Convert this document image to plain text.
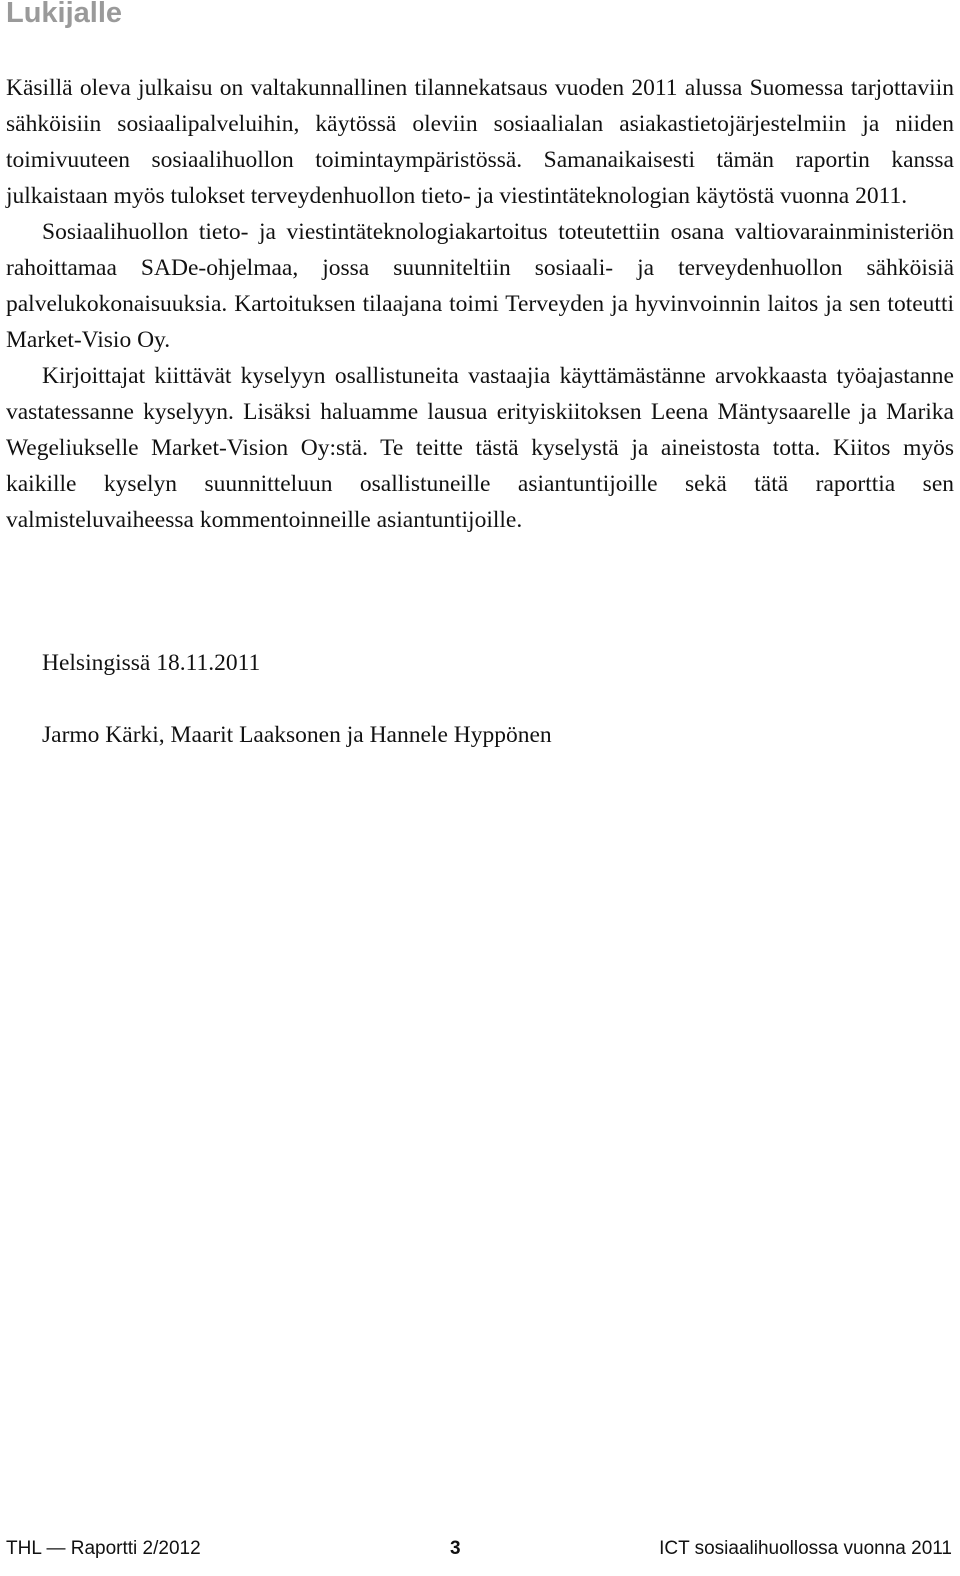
Lukijalle

Käsillä oleva julkaisu on valtakunnallinen tilannekatsaus vuoden 2011 alussa Suomessa tarjottaviin sähköisiin sosiaalipalveluihin, käytössä oleviin sosiaalialan asiakastietojärjestelmiin ja niiden toimivuuteen sosiaalihuollon toimintaympäristössä. Samanaikaisesti tämän raportin kanssa julkaistaan myös tulokset terveydenhuollon tieto- ja viestintäteknologian käytöstä vuonna 2011.

Sosiaalihuollon tieto- ja viestintäteknologiakartoitus toteutettiin osana valtiovarainministeriön rahoittamaa SADe-ohjelmaa, jossa suunniteltiin sosiaali- ja terveydenhuollon sähköisiä palvelukokonaisuuksia. Kartoituksen tilaajana toimi Terveyden ja hyvinvoinnin laitos ja sen toteutti Market-Visio Oy.

Kirjoittajat kiittävät kyselyyn osallistuneita vastaajia käyttämästänne arvokkaasta työajastanne vastatessanne kyselyyn. Lisäksi haluamme lausua erityiskiitoksen Leena Mäntysaarelle ja Marika Wegeliukselle Market-Vision Oy:stä. Te teitte tästä kyselystä ja aineistosta totta. Kiitos myös kaikille kyselyn suunnitteluun osallistuneille asiantuntijoille sekä tätä raporttia sen valmisteluvaiheessa kommentoinneille asiantuntijoille.

Helsingissä 18.11.2011

Jarmo Kärki, Maarit Laaksonen ja Hannele Hyppönen

THL — Raportti 2/2012	3	ICT sosiaalihuollossa vuonna 2011
